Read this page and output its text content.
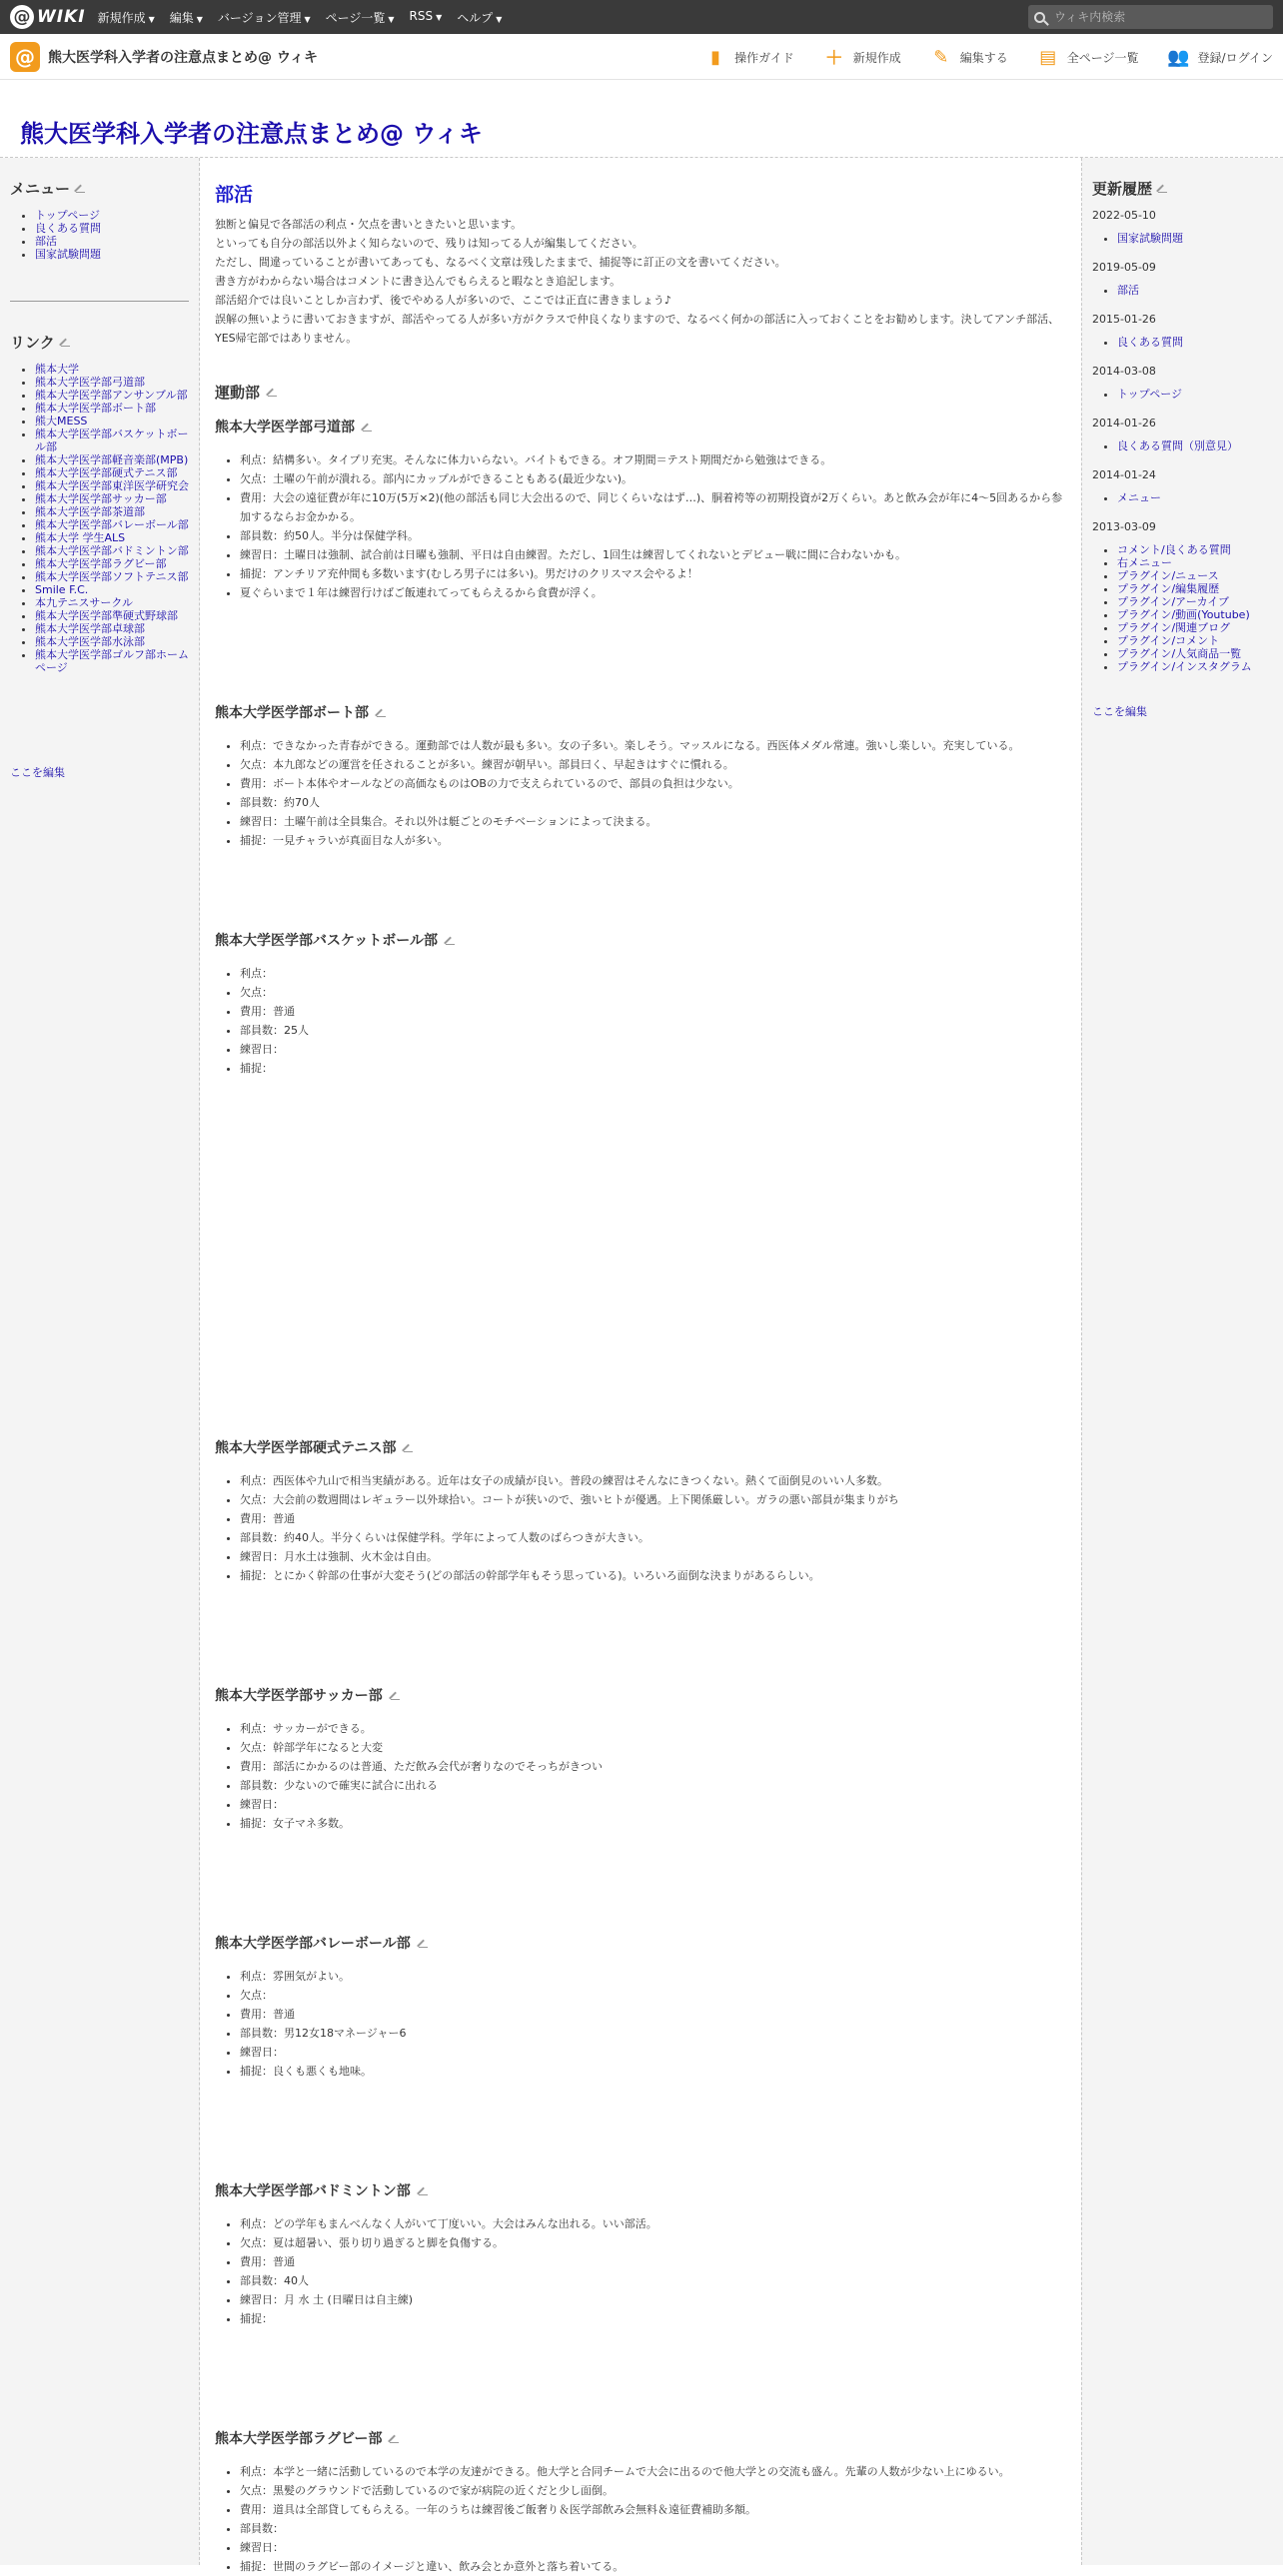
@ WIKI 新規作成 ▼ 編集 ▼ バージョン管理 ▼ ページ一覧 ▼ RSS ▼ ヘルプ ▼
ウィキ内検索
@ 熊大医学科入学者の注意点まとめ@ ウィキ	▮	操作ガイド ＋ 新規作成 ✎ 編集する ▤ 全ページ一覧 👥 登録/ログイン
熊大医学科入学者の注意点まとめ@ ウィキ
メニュー
• トップページ
• 良くある質問
• 部活
• 国家試験問題
リンク
• 熊本大学
• 熊本大学医学部弓道部
• 熊本大学医学部アンサンブル部
• 熊本大学医学部ボート部
• 熊大MESS
• 熊本大学医学部バスケットボール部
• 熊本大学医学部軽音楽部(MPB)
• 熊本大学医学部硬式テニス部
• 熊本大学医学部東洋医学研究会
• 熊本大学医学部サッカー部
• 熊本大学医学部茶道部
• 熊本大学医学部バレーボール部
• 熊本大学 学生ALS
• 熊本大学医学部バドミントン部
• 熊本大学医学部ラグビー部
• 熊本大学医学部ソフトテニス部
• Smile F.C.
• 本九テニスサークル
• 熊本大学医学部準硬式野球部
• 熊本大学医学部卓球部
• 熊本大学医学部水泳部
• 熊本大学医学部ゴルフ部ホームページ
ここを編集
部活

独断と偏見で各部活の利点・欠点を書いときたいと思います。

といっても自分の部活以外よく知らないので、残りは知ってる人が編集してください。

ただし、間違っていることが書いてあっても、なるべく文章は残したままで、捕捉等に訂正の文を書いてください。

書き方がわからない場合はコメントに書き込んでもらえると暇なとき追記します。

部活紹介では良いことしか言わず、後でやめる人が多いので、ここでは正直に書きましょう♪

誤解の無いように書いておきますが、部活やってる人が多い方がクラスで仲良くなりますので、なるべく何かの部活に入っておくことをお勧めします。決してアンチ部活、YES帰宅部ではありません。

運動部
熊本大学医学部弓道部
• 利点：結構多い。タイプリ充実。そんなに体力いらない。バイトもできる。オフ期間＝テスト期間だから勉強はできる。
• 欠点：土曜の午前が潰れる。部内にカップルができることもある(最近少ない)。
• 費用：大会の遠征費が年に10万(5万×2)(他の部活も同じ大会出るので、同じくらいなはず…)、胴着袴等の初期投資が2万くらい。あと飲み会が年に4～5回あるから参加するならお金かかる。
• 部員数：約50人。半分は保健学科。
• 練習日：土曜日は強制、試合前は日曜も強制、平日は自由練習。ただし、1回生は練習してくれないとデビュー戦に間に合わないかも。
• 捕捉：アンチリア充仲間も多数います(むしろ男子には多い)。男だけのクリスマス会やるよ！
• 夏ぐらいまで１年は練習行けばご飯連れてってもらえるから食費が浮く。
熊本大学医学部ボート部
• 利点：できなかった青春ができる。運動部では人数が最も多い。女の子多い。楽しそう。マッスルになる。西医体メダル常連。強いし楽しい。充実している。
• 欠点：本九郎などの運営を任されることが多い。練習が朝早い。部員曰く、早起きはすぐに慣れる。
• 費用：ボート本体やオールなどの高価なものはOBの力で支えられているので、部員の負担は少ない。
• 部員数：約70人
• 練習日：土曜午前は全員集合。それ以外は艇ごとのモチベーションによって決まる。
• 捕捉：一見チャラいが真面目な人が多い。
熊本大学医学部バスケットボール部
• 利点：
• 欠点：
• 費用：普通
• 部員数：25人
• 練習日：
• 捕捉：
熊本大学医学部硬式テニス部
• 利点：西医体や九山で相当実績がある。近年は女子の成績が良い。普段の練習はそんなにきつくない。熱くて面倒見のいい人多数。
• 欠点：大会前の数週間はレギュラー以外球拾い。コートが狭いので、強いヒトが優遇。上下関係厳しい。ガラの悪い部員が集まりがち
• 費用：普通
• 部員数：約40人。半分くらいは保健学科。学年によって人数のばらつきが大きい。
• 練習日：月水土は強制、火木金は自由。
• 捕捉：とにかく幹部の仕事が大変そう(どの部活の幹部学年もそう思っている)。いろいろ面倒な決まりがあるらしい。
熊本大学医学部サッカー部
• 利点：サッカーができる。
• 欠点：幹部学年になると大変
• 費用：部活にかかるのは普通、ただ飲み会代が奢りなのでそっちがきつい
• 部員数：少ないので確実に試合に出れる
• 練習日：
• 捕捉：女子マネ多数。
熊本大学医学部バレーボール部
• 利点：雰囲気がよい。
• 欠点：
• 費用：普通
• 部員数：男12女18マネージャー6
• 練習日：
• 捕捉：良くも悪くも地味。
熊本大学医学部バドミントン部
• 利点：どの学年もまんべんなく人がいて丁度いい。大会はみんな出れる。いい部活。
• 欠点：夏は超暑い、張り切り過ぎると脚を負傷する。
• 費用：普通
• 部員数：40人
• 練習日：月 水 土 (日曜日は自主練)
• 捕捉：
熊本大学医学部ラグビー部
• 利点：本学と一緒に活動しているので本学の友達ができる。他大学と合同チームで大会に出るので他大学との交流も盛ん。先輩の人数が少ない上にゆるい。
• 欠点：黒髪のグラウンドで活動しているので家が病院の近くだと少し面倒。
• 費用：道具は全部貸してもらえる。一年のうちは練習後ご飯奢り＆医学部飲み会無料＆遠征費補助多額。
• 部員数：
• 練習日：
• 捕捉：世間のラグビー部のイメージと違い、飲み会とか意外と落ち着いてる。
更新履歴
2022-05-10
• 国家試験問題
2019-05-09
• 部活
2015-01-26
• 良くある質問
2014-03-08
• トップページ
2014-01-26
• 良くある質問（別意見）
2014-01-24
• メニュー
2013-03-09
• コメント/良くある質問
• 右メニュー
• プラグイン/ニュース
• プラグイン/編集履歴
• プラグイン/アーカイブ
• プラグイン/動画(Youtube)
• プラグイン/関連ブログ
• プラグイン/コメント
• プラグイン/人気商品一覧
• プラグイン/インスタグラム
ここを編集
